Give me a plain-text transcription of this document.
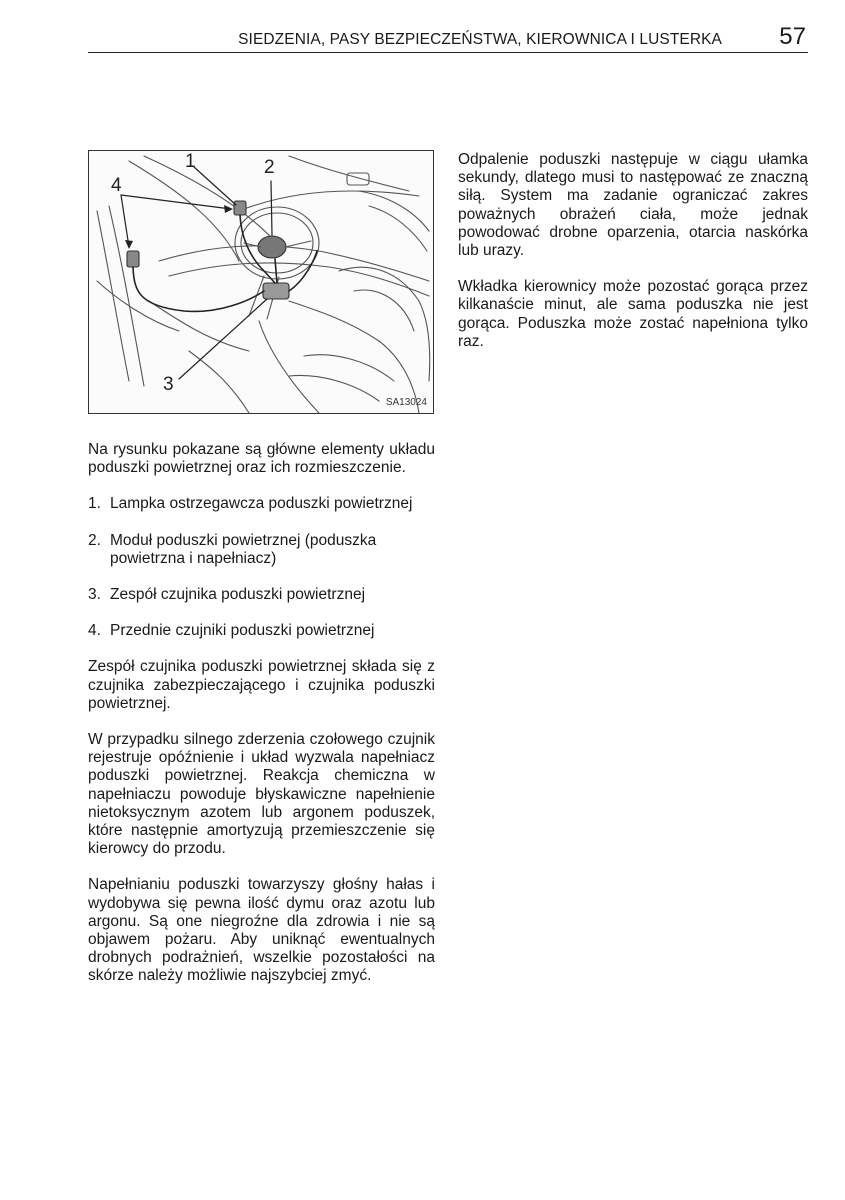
SIEDZENIA, PASY BEZPIECZEŃSTWA, KIEROWNICA I LUSTERKA 57
1	2
3
4
SA13024

Na rysunku pokazane są główne elementy układu poduszki powietrznej oraz ich rozmieszczenie.

1. Lampka ostrzegawcza poduszki powietrznej
2. Moduł poduszki powietrznej (poduszka powietrzna i napełniacz)
3. Zespół czujnika poduszki powietrznej
4. Przednie czujniki poduszki powietrznej

Zespół czujnika poduszki powietrznej składa się z czujnika zabezpieczającego i czujnika poduszki powietrznej.

W przypadku silnego zderzenia czołowego czujnik rejestruje opóźnienie i układ wyzwala napełniacz poduszki powietrznej. Reakcja chemiczna w napełniaczu powoduje błyskawiczne napełnienie nietoksycznym azotem lub argonem poduszek, które następnie amortyzują przemieszczenie się kierowcy do przodu.

Napełnianiu poduszki towarzyszy głośny hałas i wydobywa się pewna ilość dymu oraz azotu lub argonu. Są one niegroźne dla zdrowia i nie są objawem pożaru. Aby uniknąć ewentualnych drobnych podrażnień, wszelkie pozostałości na skórze należy możliwie najszybciej zmyć.

Odpalenie poduszki następuje w ciągu ułamka sekundy, dlatego musi to następować ze znaczną siłą. System ma zadanie ograniczać zakres poważnych obrażeń ciała, może jednak powodować drobne oparzenia, otarcia naskórka lub urazy.

Wkładka kierownicy może pozostać gorąca przez kilkanaście minut, ale sama poduszka nie jest gorąca. Poduszka może zostać napełniona tylko raz.
